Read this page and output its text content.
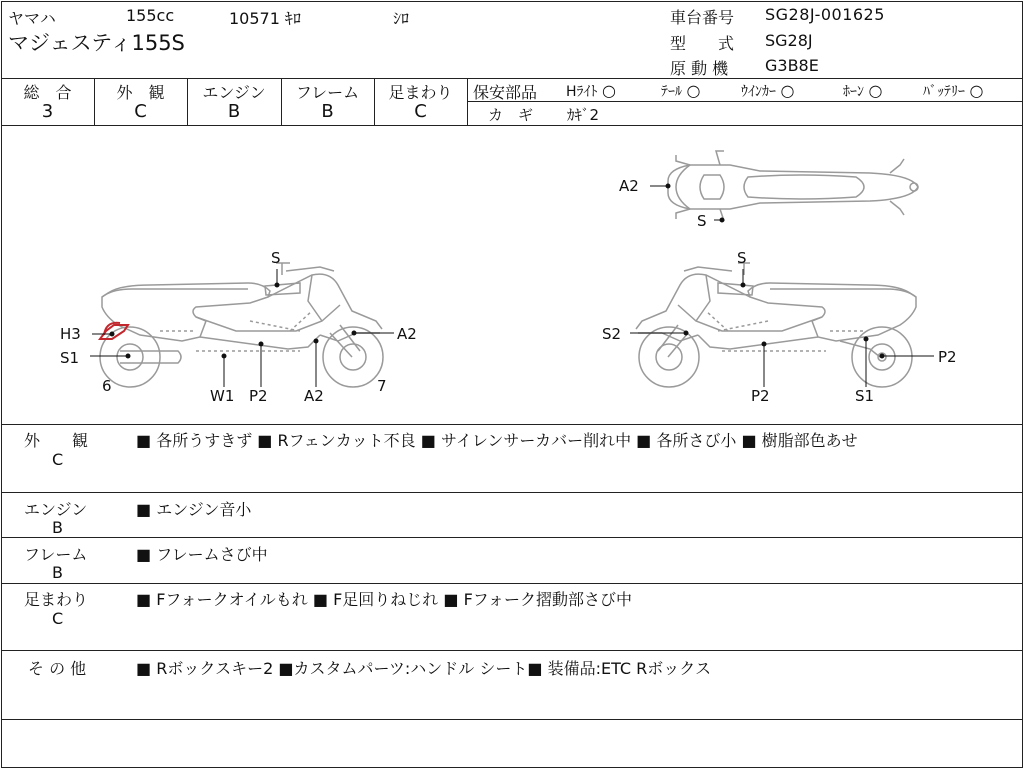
ヤマハ	155cc	10571 ｷﾛ	ｼﾛ
マジェスティ155S
車台番号 SG28J-001625
型　　式 SG28J
原 動 機 G3B8E
総　合
3
外　観
C
エンジン
B
フレーム
B
足まわり
C
保安部品 Hﾗｲﾄ ○	ﾃｰﾙ ○	ｳｲﾝｶｰ ○	ﾎｰﾝ ○	ﾊﾞｯﾃﾘｰ ○
カ　ギ ｶｷﾞ2
S
H3
S1
A2
6
W1 P2 A2
7
S
S2
P2
P2	S1
A2
S
外　　観
C
■ 各所うすきず ■ Rフェンカット不良 ■ サイレンサーカバー削れ中 ■ 各所さび小 ■ 樹脂部色あせ
エンジン
B
■ エンジン音小
フレーム
B
■ フレームさび中
足まわり
C
■ Fフォークオイルもれ ■ F足回りねじれ ■ Fフォーク摺動部さび中
そ の 他	■ Rボックスキー2 ■カスタムパーツ:ハンドル シート■ 装備品:ETC Rボックス
